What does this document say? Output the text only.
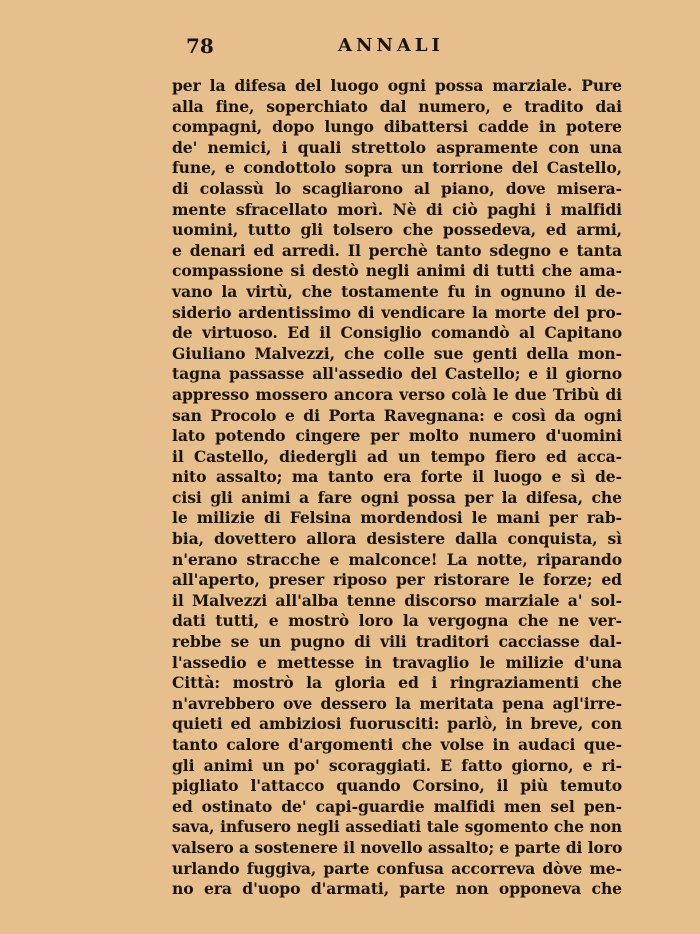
78	ANNALI
per la difesa del luogo ogni possa marziale. Pure
alla fine, soperchiato dal numero, e tradito dai
compagni, dopo lungo dibattersi cadde in potere
de' nemici, i quali strettolo aspramente con una
fune, e condottolo sopra un torrione del Castello,
di colassù lo scagliarono al piano, dove misera-
mente sfracellato morì. Nè di ciò paghi i malfidi
uomini, tutto gli tolsero che possedeva, ed armi,
e denari ed arredi. Il perchè tanto sdegno e tanta
compassione si destò negli animi di tutti che ama-
vano la virtù, che tostamente fu in ognuno il de-
siderio ardentissimo di vendicare la morte del pro-
de virtuoso. Ed il Consiglio comandò al Capitano
Giuliano Malvezzi, che colle sue genti della mon-
tagna passasse all'assedio del Castello; e il giorno
appresso mossero ancora verso colà le due Tribù di
san Procolo e di Porta Ravegnana: e così da ogni
lato potendo cingere per molto numero d'uomini
il Castello, diedergli ad un tempo fiero ed acca-
nito assalto; ma tanto era forte il luogo e sì de-
cisi gli animi a fare ogni possa per la difesa, che
le milizie di Felsina mordendosi le mani per rab-
bia, dovettero allora desistere dalla conquista, sì
n'erano stracche e malconce! La notte, riparando
all'aperto, preser riposo per ristorare le forze; ed
il Malvezzi all'alba tenne discorso marziale a' sol-
dati tutti, e mostrò loro la vergogna che ne ver-
rebbe se un pugno di vili traditori cacciasse dal-
l'assedio e mettesse in travaglio le milizie d'una
Città: mostrò la gloria ed i ringraziamenti che
n'avrebbero ove dessero la meritata pena agl'irre-
quieti ed ambiziosi fuorusciti: parlò, in breve, con
tanto calore d'argomenti che volse in audaci que-
gli animi un po' scoraggiati. E fatto giorno, e ri-
pigliato l'attacco quando Corsino, il più temuto
ed ostinato de' capi-guardie malfidi men sel pen-
sava, infusero negli assediati tale sgomento che non
valsero a sostenere il novello assalto; e parte di loro
urlando fuggiva, parte confusa accorreva dòve me-
no era d'uopo d'armati, parte non opponeva che
